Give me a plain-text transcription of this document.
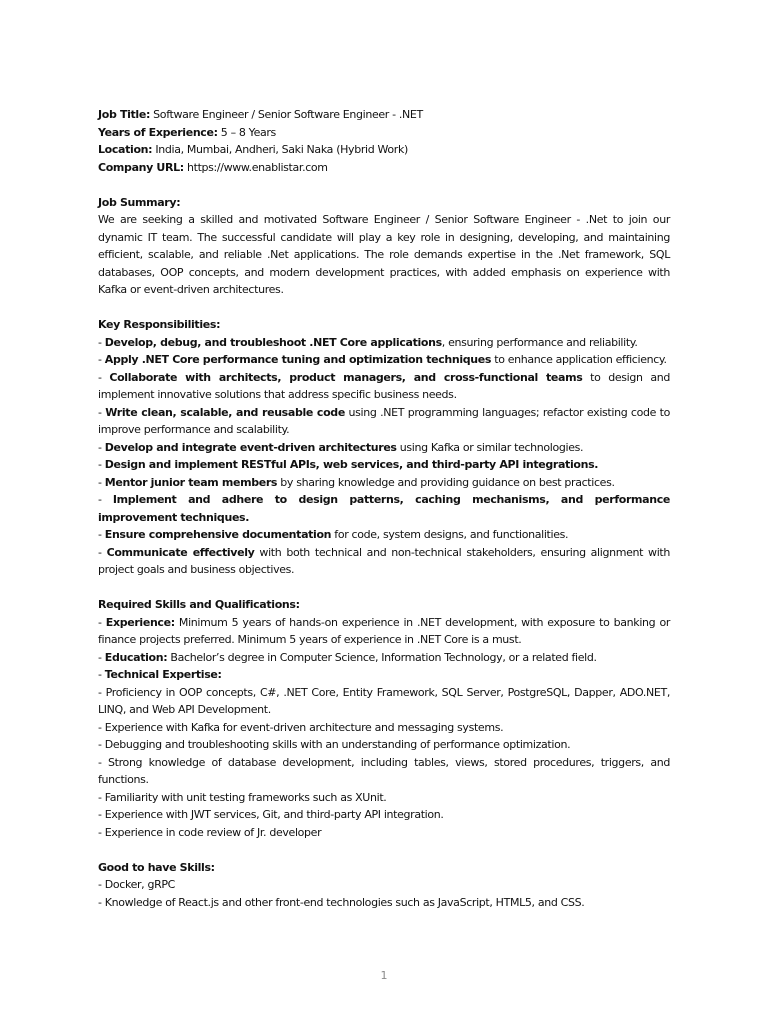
Job Title: Software Engineer / Senior Software Engineer - .NET
Years of Experience: 5 – 8 Years
Location: India, Mumbai, Andheri, Saki Naka (Hybrid Work)
Company URL: https://www.enablistar.com
Job Summary:
We are seeking a skilled and motivated Software Engineer / Senior Software Engineer - .Net to join our dynamic IT team. The successful candidate will play a key role in designing, developing, and maintaining efficient, scalable, and reliable .Net applications. The role demands expertise in the .Net framework, SQL databases, OOP concepts, and modern development practices, with added emphasis on experience with Kafka or event-driven architectures.
Key Responsibilities:
- Develop, debug, and troubleshoot .NET Core applications, ensuring performance and reliability.
- Apply .NET Core performance tuning and optimization techniques to enhance application efficiency.
- Collaborate with architects, product managers, and cross-functional teams to design and implement innovative solutions that address specific business needs.
- Write clean, scalable, and reusable code using .NET programming languages; refactor existing code to improve performance and scalability.
- Develop and integrate event-driven architectures using Kafka or similar technologies.
- Design and implement RESTful APIs, web services, and third-party API integrations.
- Mentor junior team members by sharing knowledge and providing guidance on best practices.
- Implement and adhere to design patterns, caching mechanisms, and performance improvement techniques.
- Ensure comprehensive documentation for code, system designs, and functionalities.
- Communicate effectively with both technical and non-technical stakeholders, ensuring alignment with project goals and business objectives.
Required Skills and Qualifications:
- Experience: Minimum 5 years of hands-on experience in .NET development, with exposure to banking or finance projects preferred. Minimum 5 years of experience in .NET Core is a must.
- Education: Bachelor’s degree in Computer Science, Information Technology, or a related field.
- Technical Expertise:
- Proficiency in OOP concepts, C#, .NET Core, Entity Framework, SQL Server, PostgreSQL, Dapper, ADO.NET, LINQ, and Web API Development.
- Experience with Kafka for event-driven architecture and messaging systems.
- Debugging and troubleshooting skills with an understanding of performance optimization.
- Strong knowledge of database development, including tables, views, stored procedures, triggers, and functions.
- Familiarity with unit testing frameworks such as XUnit.
- Experience with JWT services, Git, and third-party API integration.
- Experience in code review of Jr. developer
Good to have Skills:
- Docker, gRPC
- Knowledge of React.js and other front-end technologies such as JavaScript, HTML5, and CSS.
1
